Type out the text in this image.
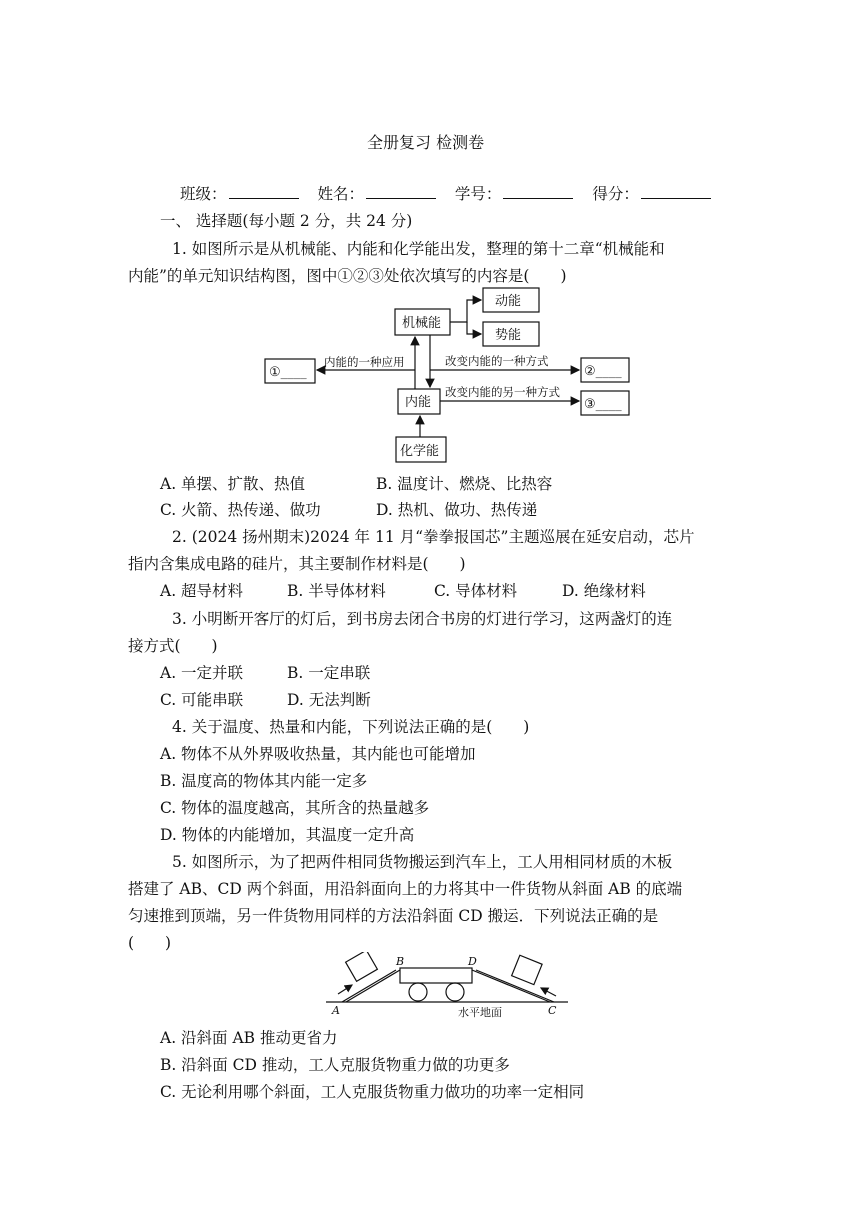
全册复习 检测卷
班级：	姓名：	学号：	得分：
一、 选择题(每小题 2 分，共 24 分)
1. 如图所示是从机械能、内能和化学能出发，整理的第十二章“机械能和
内能”的单元知识结构图，图中①②③处依次填写的内容是(　　)
机械能
动能
势能
内能
化学能
内能的一种应用	改变内能的一种方式
改变内能的另一种方式
①____	②____
③____
A. 单摆、扩散、热值	B. 温度计、燃烧、比热容
C. 火箭、热传递、做功	D. 热机、做功、热传递
2. (2024 扬州期末)2024 年 11 月“拳拳报国芯”主题巡展在延安启动，芯片
指内含集成电路的硅片，其主要制作材料是(　　)
A. 超导材料	B. 半导体材料	C. 导体材料	D. 绝缘材料
3. 小明断开客厅的灯后，到书房去闭合书房的灯进行学习，这两盏灯的连
接方式(　　)
A. 一定并联	B. 一定串联
C. 可能串联	D. 无法判断
4. 关于温度、热量和内能，下列说法正确的是(　　)
A. 物体不从外界吸收热量，其内能也可能增加
B. 温度高的物体其内能一定多
C. 物体的温度越高，其所含的热量越多
D. 物体的内能增加，其温度一定升高
5. 如图所示，为了把两件相同货物搬运到汽车上，工人用相同材质的木板
搭建了 AB、CD 两个斜面，用沿斜面向上的力将其中一件货物从斜面 AB 的底端
匀速推到顶端，另一件货物用同样的方法沿斜面 CD 搬运．下列说法正确的是
(　　)
A
B	D
C
水平地面
A. 沿斜面 AB 推动更省力
B. 沿斜面 CD 推动，工人克服货物重力做的功更多
C. 无论利用哪个斜面，工人克服货物重力做功的功率一定相同
